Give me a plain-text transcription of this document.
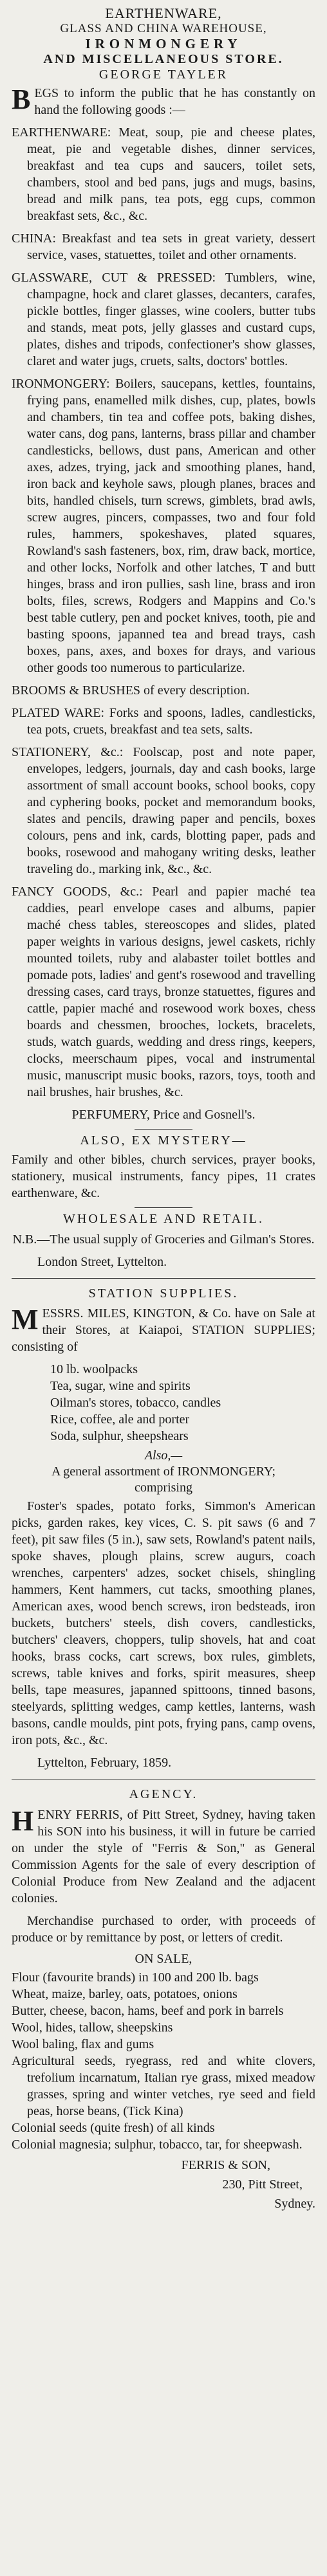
EARTHENWARE,
GLASS AND CHINA WAREHOUSE,
IRONMONGERY
AND MISCELLANEOUS STORE.
GEORGE TAYLER

BEGS to inform the public that he has constantly on hand the following goods :—

EARTHENWARE: Meat, soup, pie and cheese plates, meat, pie and vegetable dishes, dinner services, breakfast and tea cups and saucers, toilet sets, chambers, stool and bed pans, jugs and mugs, basins, bread and milk pans, tea pots, egg cups, common breakfast sets, &c., &c.

CHINA: Breakfast and tea sets in great variety, dessert service, vases, statuettes, toilet and other ornaments.

GLASSWARE, CUT & PRESSED: Tumblers, wine, champagne, hock and claret glasses, decanters, carafes, pickle bottles, finger glasses, wine coolers, butter tubs and stands, meat pots, jelly glasses and custard cups, plates, dishes and tripods, confectioner's show glasses, claret and water jugs, cruets, salts, doctors' bottles.

IRONMONGERY: Boilers, saucepans, kettles, fountains, frying pans, enamelled milk dishes, cup, plates, bowls and chambers, tin tea and coffee pots, baking dishes, water cans, dog pans, lanterns, brass pillar and chamber candlesticks, bellows, dust pans, American and other axes, adzes, trying, jack and smoothing planes, hand, iron back and keyhole saws, plough planes, braces and bits, handled chisels, turn screws, gimblets, brad awls, screw augres, pincers, compasses, two and four fold rules, hammers, spokeshaves, plated squares, Rowland's sash fasteners, box, rim, draw back, mortice, and other locks, Norfolk and other latches, T and butt hinges, brass and iron pullies, sash line, brass and iron bolts, files, screws, Rodgers and Mappins and Co.'s best table cutlery, pen and pocket knives, tooth, pie and basting spoons, japanned tea and bread trays, cash boxes, pans, axes, and boxes for drays, and various other goods too numerous to particularize.

BROOMS & BRUSHES of every description.

PLATED WARE: Forks and spoons, ladles, candlesticks, tea pots, cruets, breakfast and tea sets, salts.

STATIONERY, &c.: Foolscap, post and note paper, envelopes, ledgers, journals, day and cash books, large assortment of small account books, school books, copy and cyphering books, pocket and memorandum books, slates and pencils, drawing paper and pencils, boxes colours, pens and ink, cards, blotting paper, pads and books, rosewood and mahogany writing desks, leather traveling do., marking ink, &c., &c.

FANCY GOODS, &c.: Pearl and papier maché tea caddies, pearl envelope cases and albums, papier maché chess tables, stereoscopes and slides, plated paper weights in various designs, jewel caskets, richly mounted toilets, ruby and alabaster toilet bottles and pomade pots, ladies' and gent's rosewood and travelling dressing cases, card trays, bronze statuettes, figures and cattle, papier maché and rosewood work boxes, chess boards and chessmen, brooches, lockets, bracelets, studs, watch guards, wedding and dress rings, keepers, clocks, meerschaum pipes, vocal and instrumental music, manuscript music books, razors, toys, tooth and nail brushes, hair brushes, &c.

PERFUMERY, Price and Gosnell's.

ALSO, EX MYSTERY—

Family and other bibles, church services, prayer books, stationery, musical instruments, fancy pipes, 11 crates earthenware, &c.

WHOLESALE AND RETAIL.

N.B.—The usual supply of Groceries and Gilman's Stores.

London Street, Lyttelton.
STATION SUPPLIES.

MESSRS. MILES, KINGTON, & Co. have on Sale at their Stores, at Kaiapoi, STATION SUPPLIES; consisting of

10 lb. woolpacks
Tea, sugar, wine and spirits
Oilman's stores, tobacco, candles
Rice, coffee, ale and porter
Soda, sulphur, sheepshears
Also,—
A general assortment of IRONMONGERY;
comprising

Foster's spades, potato forks, Simmon's American picks, garden rakes, key vices, C. S. pit saws (6 and 7 feet), pit saw files (5 in.), saw sets, Rowland's patent nails, spoke shaves, plough plains, screw augurs, coach wrenches, carpenters' adzes, socket chisels, shingling hammers, Kent hammers, cut tacks, smoothing planes, American axes, wood bench screws, iron bedsteads, iron buckets, butchers' steels, dish covers, candlesticks, butchers' cleavers, choppers, tulip shovels, hat and coat hooks, brass cocks, cart screws, box rules, gimblets, screws, table knives and forks, spirit measures, sheep bells, tape measures, japanned spittoons, tinned basons, steelyards, splitting wedges, camp kettles, lanterns, wash basons, candle moulds, pint pots, frying pans, camp ovens, iron pots, &c., &c.

Lyttelton, February, 1859.
AGENCY.

HENRY FERRIS, of Pitt Street, Sydney, having taken his SON into his business, it will in future be carried on under the style of "Ferris & Son," as General Commission Agents for the sale of every description of Colonial Produce from New Zealand and the adjacent colonies.

Merchandise purchased to order, with proceeds of produce or by remittance by post, or letters of credit.

ON SALE,
Flour (favourite brands) in 100 and 200 lb. bags
Wheat, maize, barley, oats, potatoes, onions
Butter, cheese, bacon, hams, beef and pork in barrels
Wool, hides, tallow, sheepskins
Wool baling, flax and gums
Agricultural seeds, ryegrass, red and white clovers, trefolium incarnatum, Italian rye grass, mixed meadow grasses, spring and winter vetches, rye seed and field peas, horse beans, (Tick Kina)
Colonial seeds (quite fresh) of all kinds
Colonial magnesia; sulphur, tobacco, tar, for sheepwash.
FERRIS & SON,
230, Pitt Street,
Sydney.
